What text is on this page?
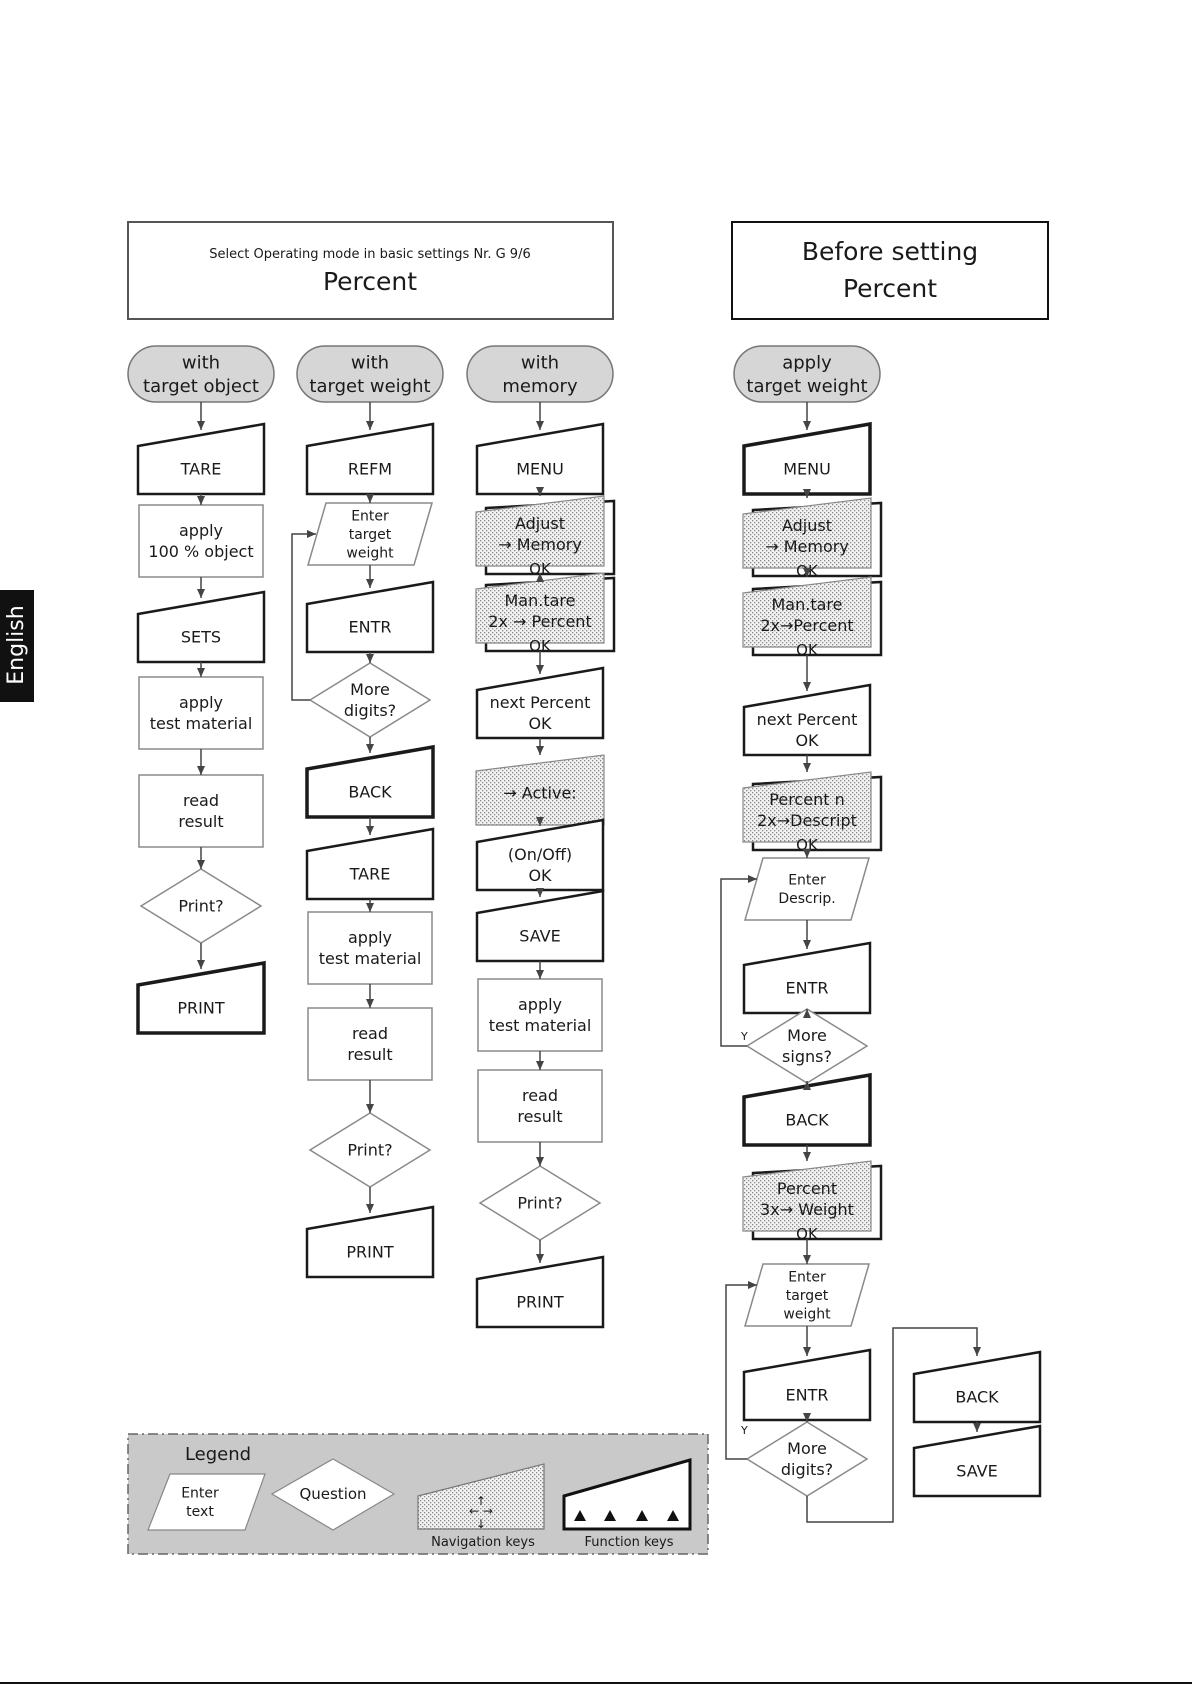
English
Select Operating mode in basic settings Nr. G 9/6
Percent
Before setting
Percent
with
target object
TARE
apply
100 % object
SETS
apply
test material
read
result
Print?
PRINT
with
target weight
REFM
Enter
target
weight
ENTR
More
digits?
BACK
TARE
apply
test material
read
result
Print?
PRINT
with
memory
MENU
Adjust
→ Memory
OK
Man.tare
2x → Percent
OK
next Percent
OK
→ Active:
(On/Off)
OK
SAVE
apply
test material
read
result
Print?
PRINT
apply
target weight
MENU
Adjust
→ Memory
OK
Man.tare
2x→Percent
OK
next Percent
OK
Percent n
2x→Descript
OK
Enter
Descrip.
ENTR
More
signs?
BACK
Percent
3x→ Weight
OK
Enter
target
weight
ENTR
More
digits?
BACK
SAVE
Y
Y
Legend
Enter
text
Question	↑
← →
↓
Navigation keys	Function keys
